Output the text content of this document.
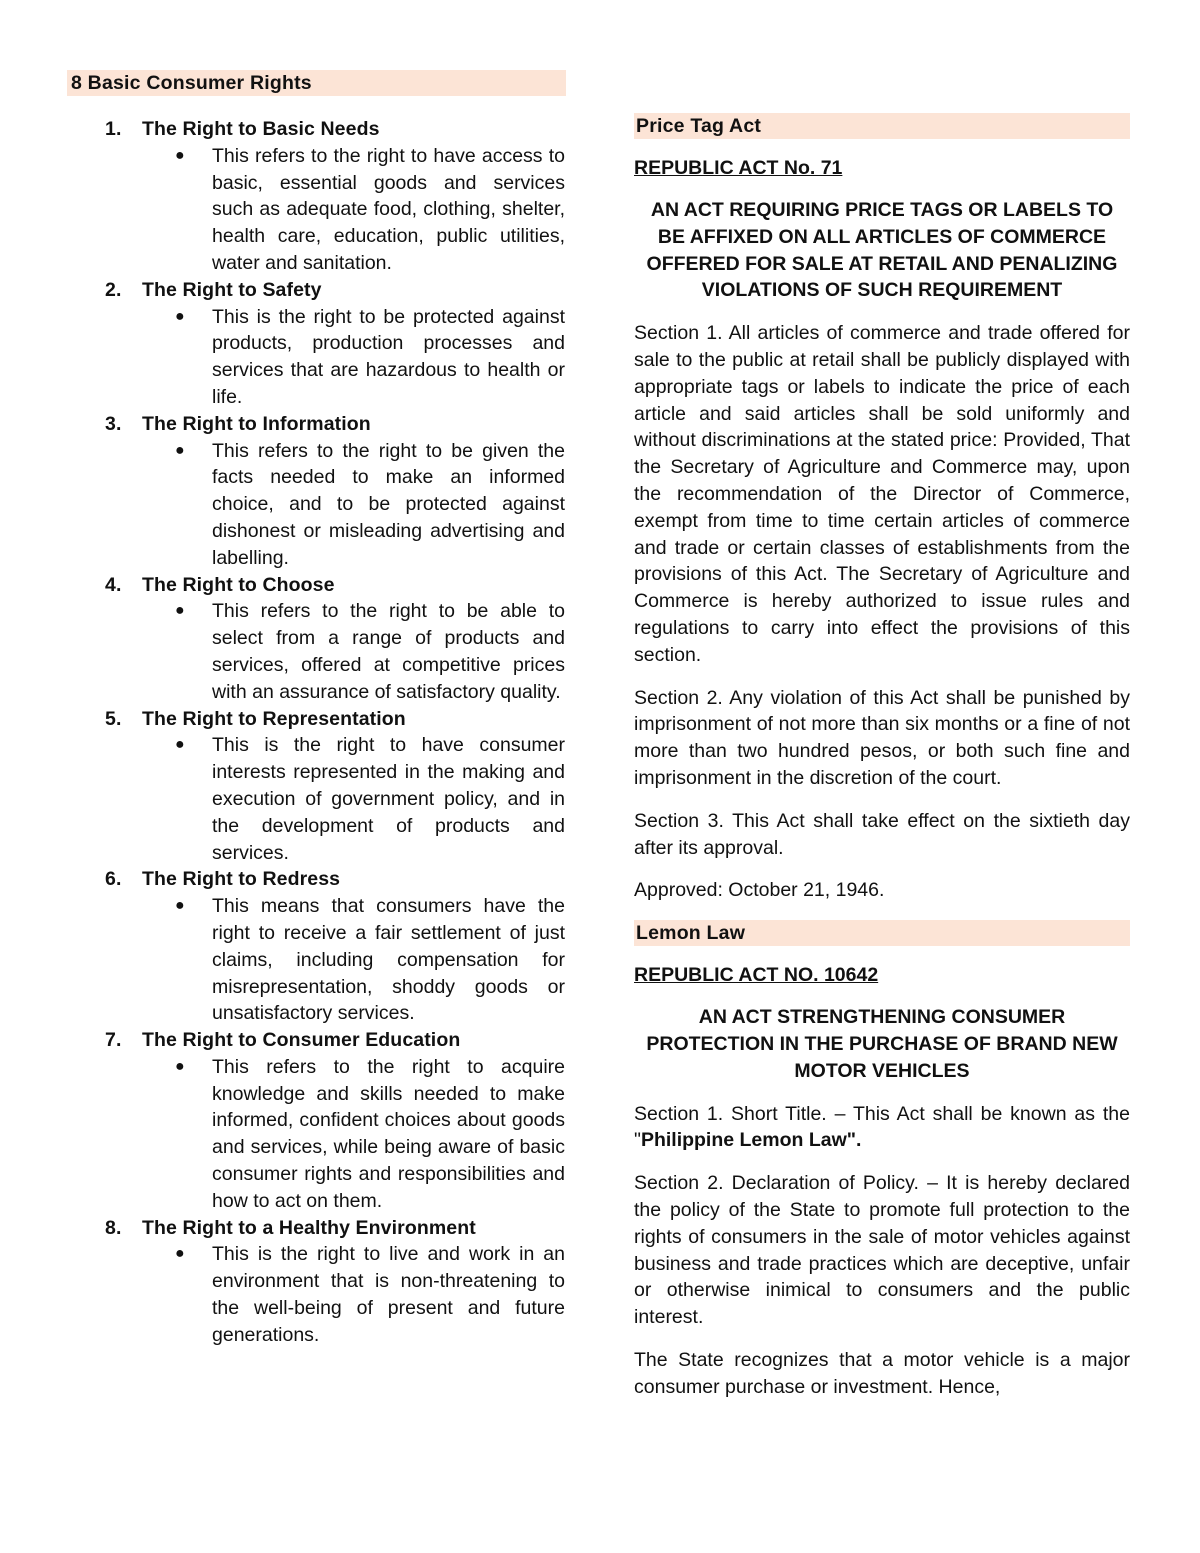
8 Basic Consumer Rights
1. The Right to Basic Needs
● This refers to the right to have access to basic, essential goods and services such as adequate food, clothing, shelter, health care, education, public utilities, water and sanitation.
2. The Right to Safety
● This is the right to be protected against products, production processes and services that are hazardous to health or life.
3. The Right to Information
● This refers to the right to be given the facts needed to make an informed choice, and to be protected against dishonest or misleading advertising and labelling.
4. The Right to Choose
● This refers to the right to be able to select from a range of products and services, offered at competitive prices with an assurance of satisfactory quality.
5. The Right to Representation
● This is the right to have consumer interests represented in the making and execution of government policy, and in the development of products and services.
6. The Right to Redress
● This means that consumers have the right to receive a fair settlement of just claims, including compensation for misrepresentation, shoddy goods or unsatisfactory services.
7. The Right to Consumer Education
● This refers to the right to acquire knowledge and skills needed to make informed, confident choices about goods and services, while being aware of basic consumer rights and responsibilities and how to act on them.
8. The Right to a Healthy Environment
● This is the right to live and work in an environment that is non-threatening to the well-being of present and future generations.
Price Tag Act
REPUBLIC ACT No. 71
AN ACT REQUIRING PRICE TAGS OR LABELS TO BE AFFIXED ON ALL ARTICLES OF COMMERCE OFFERED FOR SALE AT RETAIL AND PENALIZING VIOLATIONS OF SUCH REQUIREMENT
Section 1. All articles of commerce and trade offered for sale to the public at retail shall be publicly displayed with appropriate tags or labels to indicate the price of each article and said articles shall be sold uniformly and without discriminations at the stated price: Provided, That the Secretary of Agriculture and Commerce may, upon the recommendation of the Director of Commerce, exempt from time to time certain articles of commerce and trade or certain classes of establishments from the provisions of this Act. The Secretary of Agriculture and Commerce is hereby authorized to issue rules and regulations to carry into effect the provisions of this section.
Section 2. Any violation of this Act shall be punished by imprisonment of not more than six months or a fine of not more than two hundred pesos, or both such fine and imprisonment in the discretion of the court.
Section 3. This Act shall take effect on the sixtieth day after its approval.
Approved: October 21, 1946.
Lemon Law
REPUBLIC ACT NO. 10642
AN ACT STRENGTHENING CONSUMER PROTECTION IN THE PURCHASE OF BRAND NEW MOTOR VEHICLES
Section 1. Short Title. – This Act shall be known as the "Philippine Lemon Law".
Section 2. Declaration of Policy. – It is hereby declared the policy of the State to promote full protection to the rights of consumers in the sale of motor vehicles against business and trade practices which are deceptive, unfair or otherwise inimical to consumers and the public interest.
The State recognizes that a motor vehicle is a major consumer purchase or investment. Hence,
